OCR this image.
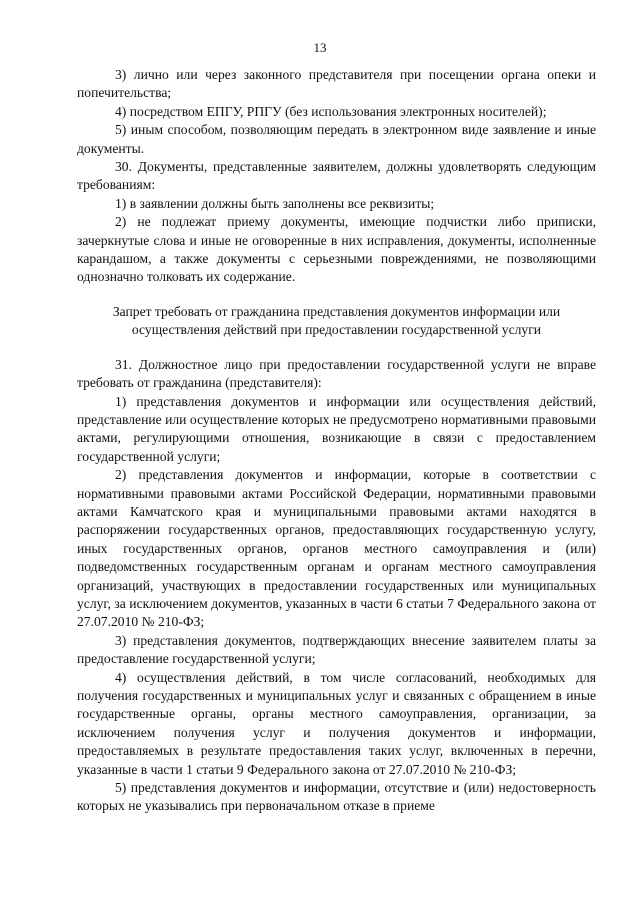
13

3) лично или через законного представителя при посещении органа опеки и попечительства;

4) посредством ЕПГУ, РПГУ (без использования электронных носителей);

5) иным способом, позволяющим передать в электронном виде заявление и иные документы.

30. Документы, представленные заявителем, должны удовлетворять следующим требованиям:

1) в заявлении должны быть заполнены все реквизиты;

2) не подлежат приему документы, имеющие подчистки либо приписки, зачеркнутые слова и иные не оговоренные в них исправления, документы, исполненные карандашом, а также документы с серьезными повреждениями, не позволяющими однозначно толковать их содержание.

Запрет требовать от гражданина представления документов информации или осуществления действий при предоставлении государственной услуги

31. Должностное лицо при предоставлении государственной услуги не вправе требовать от гражданина (представителя):

1) представления документов и информации или осуществления действий, представление или осуществление которых не предусмотрено нормативными правовыми актами, регулирующими отношения, возникающие в связи с предоставлением государственной услуги;

2) представления документов и информации, которые в соответствии с нормативными правовыми актами Российской Федерации, нормативными правовыми актами Камчатского края и муниципальными правовыми актами находятся в распоряжении государственных органов, предоставляющих государственную услугу, иных государственных органов, органов местного самоуправления и (или) подведомственных государственным органам и органам местного самоуправления организаций, участвующих в предоставлении государственных или муниципальных услуг, за исключением документов, указанных в части 6 статьи 7 Федерального закона от 27.07.2010 № 210-ФЗ;

3) представления документов, подтверждающих внесение заявителем платы за предоставление государственной услуги;

4) осуществления действий, в том числе согласований, необходимых для получения государственных и муниципальных услуг и связанных с обращением в иные государственные органы, органы местного самоуправления, организации, за исключением получения услуг и получения документов и информации, предоставляемых в результате предоставления таких услуг, включенных в перечни, указанные в части 1 статьи 9 Федерального закона от 27.07.2010 № 210-ФЗ;

5) представления документов и информации, отсутствие и (или) недостоверность которых не указывались при первоначальном отказе в приеме
